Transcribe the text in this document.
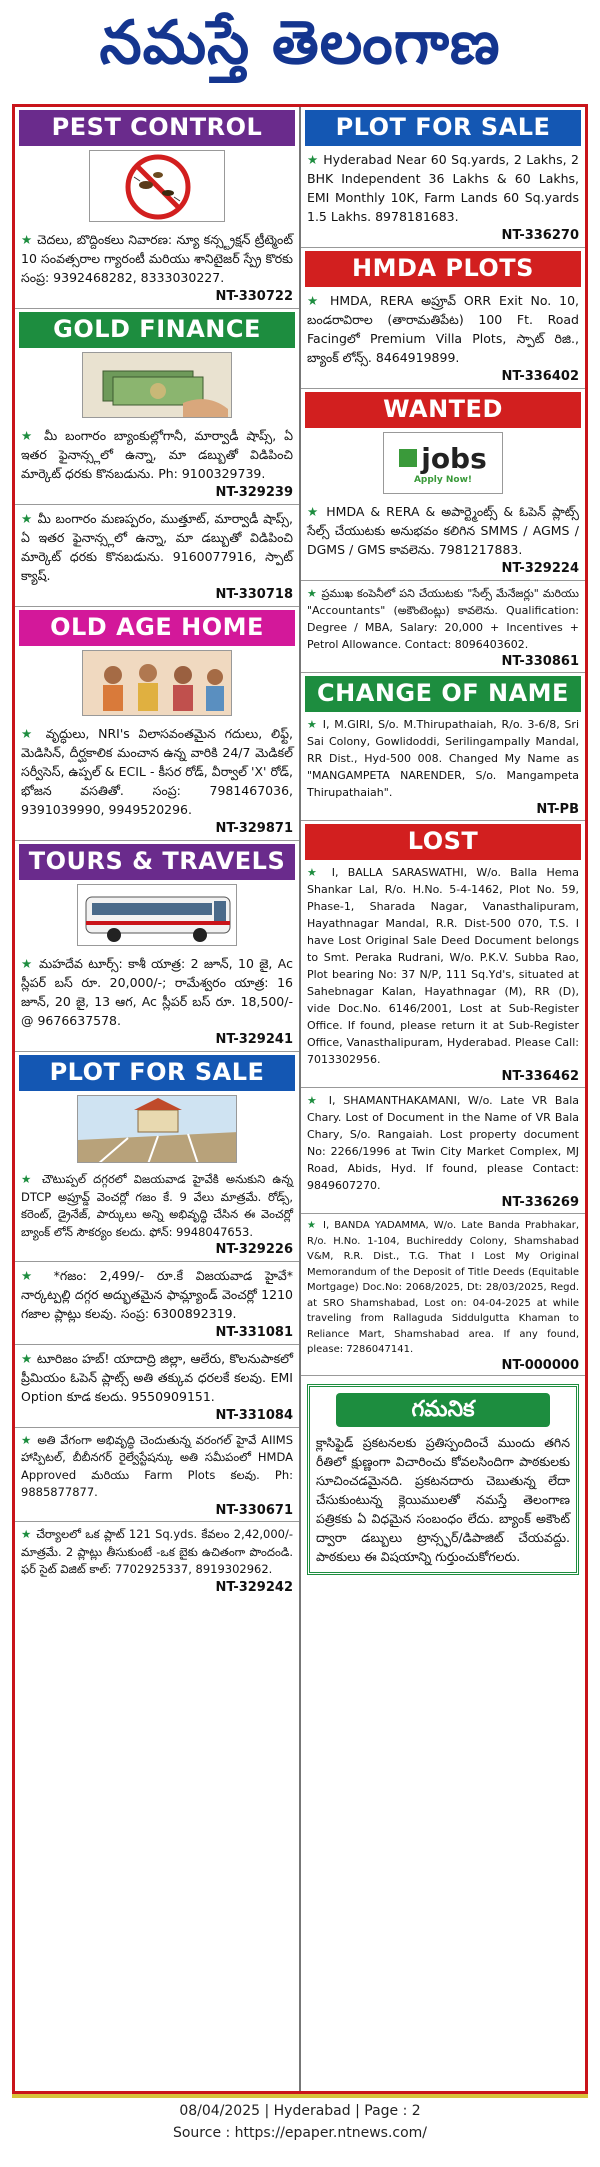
నమస్తే తెలంగాణ
PEST CONTROL
★ చెదలు, బొద్దింకలు నివారణ: న్యూ కన్స్ట్రక్షన్ ట్రీట్మెంట్ 10 సంవత్సరాల గ్యారంటీ మరియు శానిటైజర్ స్ప్రే కొరకు సంప్ర: 9392468282, 8333030227.
NT-330722
GOLD FINANCE
★ మీ బంగారం బ్యాంకుల్లోగానీ, మార్వాడీ షాప్స్, ఏ ఇతర ఫైనాన్స్లలో ఉన్నా, మా డబ్బుతో విడిపించి మార్కెట్ ధరకు కొనబడును. Ph: 9100329739.
NT-329239
★ మీ బంగారం మణప్పరం, ముత్తూట్, మార్వాడీ షాప్స్, ఏ ఇతర ఫైనాన్స్లలో ఉన్నా, మా డబ్బుతో విడిపించి మార్కెట్ ధరకు కొనబడును. 9160077916, స్పాట్ క్యాష్.
NT-330718
OLD AGE HOME
★ వృద్ధులు, NRI's విలాసవంతమైన గదులు, లిఫ్ట్, మెడిసిన్, దీర్ఘకాలిక మంచాన ఉన్న వారికి 24/7 మెడికల్ సర్వీసెస్, ఉప్పల్ & ECIL - కీసర రోడ్, వీర్వాల్ 'X' రోడ్, భోజన వసతితో. సంప్ర: 7981467036, 9391039990, 9949520296.
NT-329871
TOURS & TRAVELS
★ మహదేవ టూర్స్: కాశీ యాత్ర: 2 జూన్, 10 జై, Ac స్లీపర్ బస్ రూ. 20,000/-; రామేశ్వరం యాత్ర: 16 జూన్, 20 జై, 13 ఆగ, Ac స్లీపర్ బస్ రూ. 18,500/- @ 9676637578.
NT-329241
PLOT FOR SALE
★ చౌటుప్పల్ దగ్గరలో విజయవాడ హైవేకి అనుకుని ఉన్న DTCP అప్రూవ్డ్ వెంచర్లో గజం కే. 9 వేలు మాత్రమే. రోడ్స్, కరెంట్, డ్రైనేజ్, పార్కులు అన్ని అభివృద్ధి చేసిన ఈ వెంచర్లో బ్యాంక్ లోన్ సౌకర్యం కలదు. ఫోన్: 9948047653.
NT-329226
★ *గజం: 2,499/- రూ.కే విజయవాడ హైవే* నార్కట్పల్లి దగ్గర అద్భుతమైన ఫామ్ల్యాండ్ వెంచర్లో 1210 గజాల ప్లాట్లు కలవు. సంప్ర: 6300892319.
NT-331081
★ టూరిజం హబ్! యాదాద్రి జిల్లా, ఆలేరు, కొలనుపాకలో ప్రీమియం ఓపెన్ ప్లాట్స్ అతి తక్కువ ధరలకే కలవు. EMI Option కూడ కలదు. 9550909151.
NT-331084
★ అతి వేగంగా అభివృద్ధి చెందుతున్న వరంగల్ హైవే AIIMS హాస్పిటల్, బీబీనగర్ రైల్వేస్టేషన్కు అతి సమీపంలో HMDA Approved మరియు Farm Plots కలవు. Ph: 9885877877.
NT-330671
★ చేర్యాలలో ఒక ప్లాట్ 121 Sq.yds. కేవలం 2,42,000/- మాత్రమే. 2 ప్లాట్లు తీసుకుంటే -ఒక బైకు ఉచితంగా పొందండి. ఫర్ సైట్ విజిట్ కాల్: 7702925337, 8919302962.
NT-329242
PLOT FOR SALE
★ Hyderabad Near 60 Sq.yards, 2 Lakhs, 2 BHK Independent 36 Lakhs & 60 Lakhs, EMI Monthly 10K, Farm Lands 60 Sq.yards 1.5 Lakhs. 8978181683.
NT-336270
HMDA PLOTS
★ HMDA, RERA అప్రూవ్ ORR Exit No. 10, బండరావిరాల (తారామతిపేట) 100 Ft. Road Facingలో Premium Villa Plots, స్పాట్ రిజి., బ్యాంక్ లోన్స్. 8464919899.
NT-336402
WANTED
jobs
Apply Now!
★ HMDA & RERA & అపార్ట్మెంట్స్ & ఓపెన్ ప్లాట్స్ సేల్స్ చేయుటకు అనుభవం కలిగిన SMMS / AGMS / DGMS / GMS కావలెను. 7981217883.
NT-329224
★ ప్రముఖ కంపెనీలో పని చేయుటకు "సేల్స్ మేనేజర్లు" మరియు "Accountants" (అకౌంటెంట్లు) కావలెను. Qualification: Degree / MBA, Salary: 20,000 + Incentives + Petrol Allowance. Contact: 8096403602.
NT-330861
CHANGE OF NAME
★ I, M.GIRI, S/o. M.Thirupathaiah, R/o. 3-6/8, Sri Sai Colony, Gowlidoddi, Serilingampally Mandal, RR Dist., Hyd-500 008. Changed My Name as "MANGAMPETA NARENDER, S/o. Mangampeta Thirupathaiah".
NT-PB
LOST
★ I, BALLA SARASWATHI, W/o. Balla Hema Shankar Lal, R/o. H.No. 5-4-1462, Plot No. 59, Phase-1, Sharada Nagar, Vanasthalipuram, Hayathnagar Mandal, R.R. Dist-500 070, T.S. I have Lost Original Sale Deed Document belongs to Smt. Peraka Rudrani, W/o. P.K.V. Subba Rao, Plot bearing No: 37 N/P, 111 Sq.Yd's, situated at Sahebnagar Kalan, Hayathnagar (M), RR (D), vide Doc.No. 6146/2001, Lost at Sub-Register Office. If found, please return it at Sub-Register Office, Vanasthalipuram, Hyderabad. Please Call: 7013302956.
NT-336462
★ I, SHAMANTHAKAMANI, W/o. Late VR Bala Chary. Lost of Document in the Name of VR Bala Chary, S/o. Rangaiah. Lost property document No: 2266/1996 at Twin City Market Complex, MJ Road, Abids, Hyd. If found, please Contact: 9849607270.
NT-336269
★ I, BANDA YADAMMA, W/o. Late Banda Prabhakar, R/o. H.No. 1-104, Buchireddy Colony, Shamshabad V&M, R.R. Dist., T.G. That I Lost My Original Memorandum of the Deposit of Title Deeds (Equitable Mortgage) Doc.No: 2068/2025, Dt: 28/03/2025, Regd. at SRO Shamshabad, Lost on: 04-04-2025 at while traveling from Rallaguda Siddulgutta Khaman to Reliance Mart, Shamshabad area. If any found, please: 7286047141.
NT-000000
గమనిక
క్లాసిఫైడ్ ప్రకటనలకు ప్రతిస్పందించే ముందు తగిన రీతిలో క్షుణ్ణంగా విచారించు కోవలసిందిగా పాఠకులకు సూచించడమైనది. ప్రకటనదారు చెబుతున్న లేదా చేసుకుంటున్న క్లెయిములతో నమస్తే తెలంగాణ పత్రికకు ఏ విధమైన సంబంధం లేదు. బ్యాంక్ అకౌంట్ ద్వారా డబ్బులు ట్రాన్స్ఫర్/డిపాజిట్ చేయవద్దు. పాఠకులు ఈ విషయాన్ని గుర్తుంచుకోగలరు.
08/04/2025 | Hyderabad | Page : 2
Source : https://epaper.ntnews.com/
